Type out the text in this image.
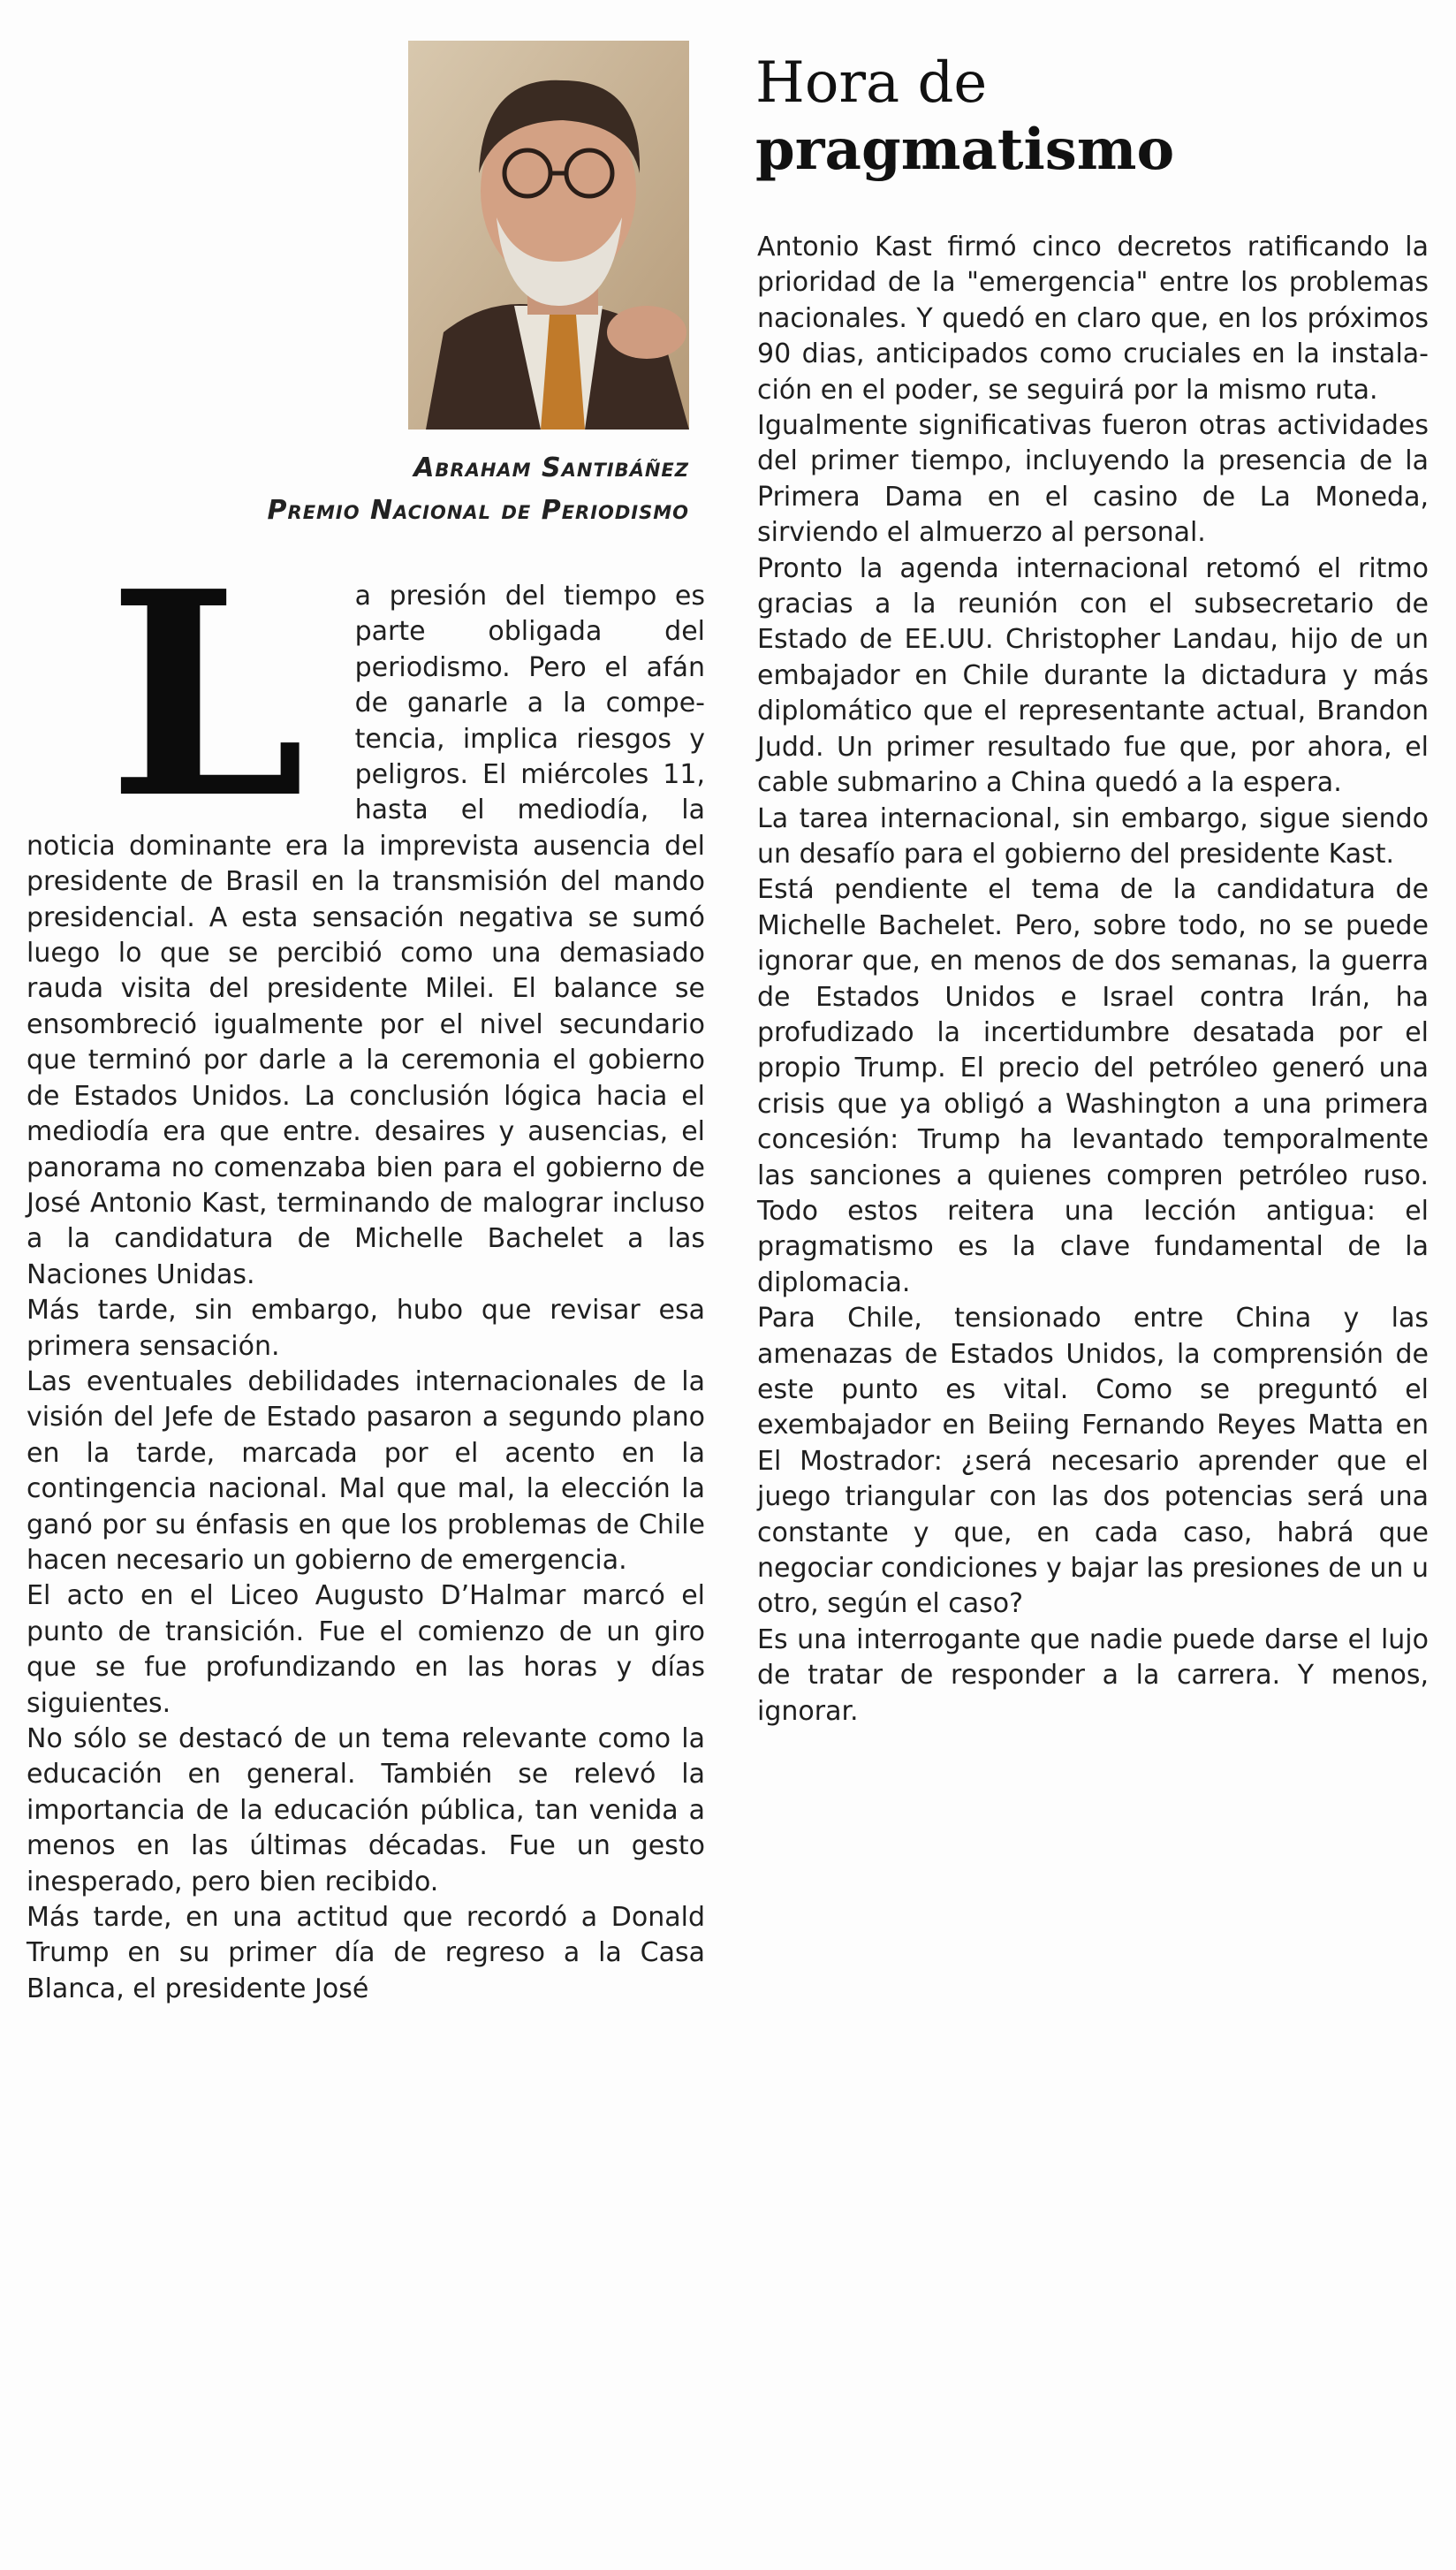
Abraham Santibáñez
Premio Nacional de Periodismo
Hora de
pragmatismo
L	a presión del tiempo es parte obligada del periodismo. Pero el afán de ganarle a la competencia, implica riesgos y peligros. El miércoles 11, hasta el mediodía, la noticia dominante era la imprevista ausencia del presidente de Brasil en la transmisión del mando presidencial. A esta sensación negativa se sumó luego lo que se percibió como una demasiado rauda visita del presidente Milei. El balance se ensombreció igualmente por el nivel secundario que terminó por darle a la ceremonia el gobierno de Estados Unidos. La conclusión lógica hacia el mediodía era que entre. desaires y ausencias, el panorama no comenzaba bien para el gobierno de José Antonio Kast, terminando de malograr incluso a la candidatura de Michelle Bachelet a las Naciones Unidas.

Más tarde, sin embargo, hubo que revisar esa primera sensación.

Las eventuales debilidades internacionales de la visión del Jefe de Estado pasaron a segundo plano en la tarde, marcada por el acento en la contingencia nacional. Mal que mal, la elección la ganó por su énfasis en que los problemas de Chile hacen necesario un gobierno de emergencia.

El acto en el Liceo Augusto D’Halmar marcó el punto de transición. Fue el comienzo de un giro que se fue profundizando en las horas y días siguientes.

No sólo se destacó de un tema relevante como la educación en general. También se relevó la importancia de la educación pública, tan venida a menos en las últimas décadas. Fue un gesto inesperado, pero bien recibido.

Más tarde, en una actitud que recordó a Donald Trump en su primer día de regreso a la Casa Blanca, el presidente José

Antonio Kast firmó cinco decretos ratificando la prioridad de la "emergencia" entre los problemas nacionales. Y quedó en claro que, en los próximos 90 dias, anticipados como cruciales en la instalación en el poder, se seguirá por la mismo ruta.

Igualmente significativas fueron otras actividades del primer tiempo, incluyendo la presencia de la Primera Dama en el casino de La Moneda, sirviendo el almuerzo al personal.

Pronto la agenda internacional retomó el ritmo gracias a la reunión con el subsecretario de Estado de EE.UU. Christopher Landau, hijo de un embajador en Chile durante la dictadura y más diplomático que el representante actual, Brandon Judd. Un primer resultado fue que, por ahora, el cable submarino a China quedó a la espera.

La tarea internacional, sin embargo, sigue siendo un desafío para el gobierno del presidente Kast.

Está pendiente el tema de la candidatura de Michelle Bachelet. Pero, sobre todo, no se puede ignorar que, en menos de dos semanas, la guerra de Estados Unidos e Israel contra Irán, ha profudizado la incertidumbre desatada por el propio Trump. El precio del petróleo generó una crisis que ya obligó a Washington a una primera concesión: Trump ha levantado temporalmente las sanciones a quienes compren petróleo ruso. Todo estos reitera una lección antigua: el pragmatismo es la clave fundamental de la diplomacia.

Para Chile, tensionado entre China y las amenazas de Estados Unidos, la comprensión de este punto es vital. Como se preguntó el exembajador en Beiing Fernando Reyes Matta en El Mostrador: ¿será necesario aprender que el juego triangular con las dos potencias será una constante y que, en cada caso, habrá que negociar condiciones y bajar las presiones de un u otro, según el caso?

Es una interrogante que nadie puede darse el lujo de tratar de responder a la carrera. Y menos, ignorar.
